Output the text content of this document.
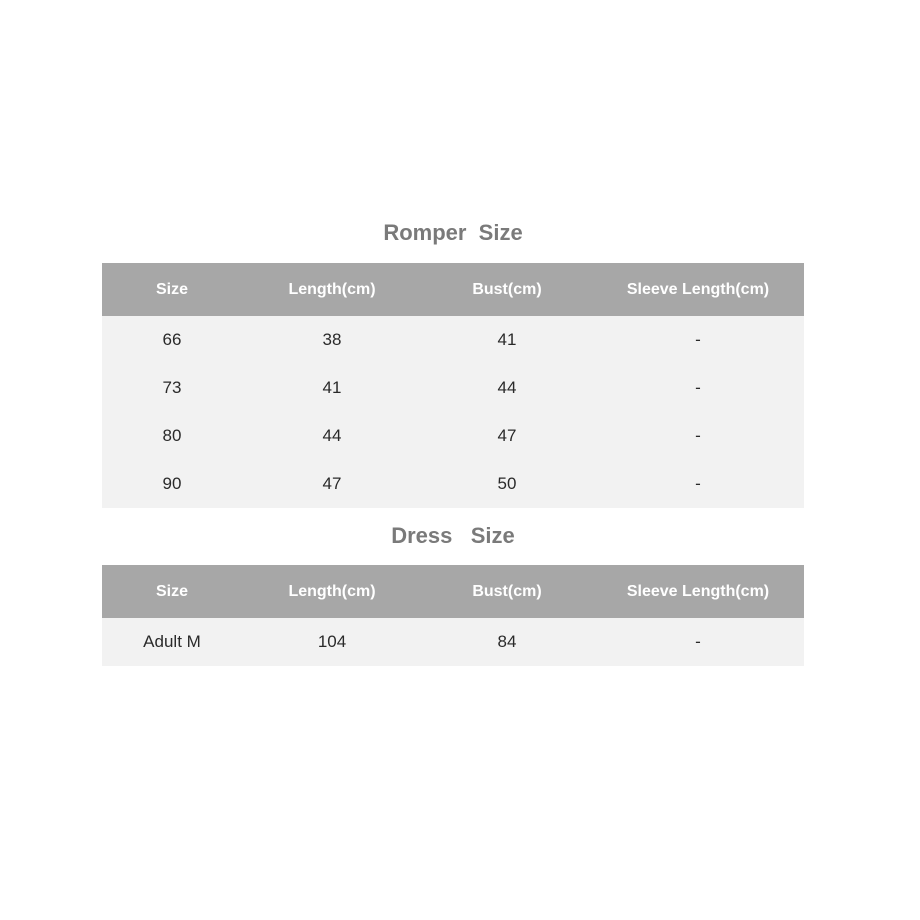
Romper  Size
Size	Length(cm)	Bust(cm)	Sleeve Length(cm)
66	38	41	-
73	41	44	-
80	44	47	-
90	47	50	-
Dress   Size
Size	Length(cm)	Bust(cm)	Sleeve Length(cm)
Adult M	104	84	-
